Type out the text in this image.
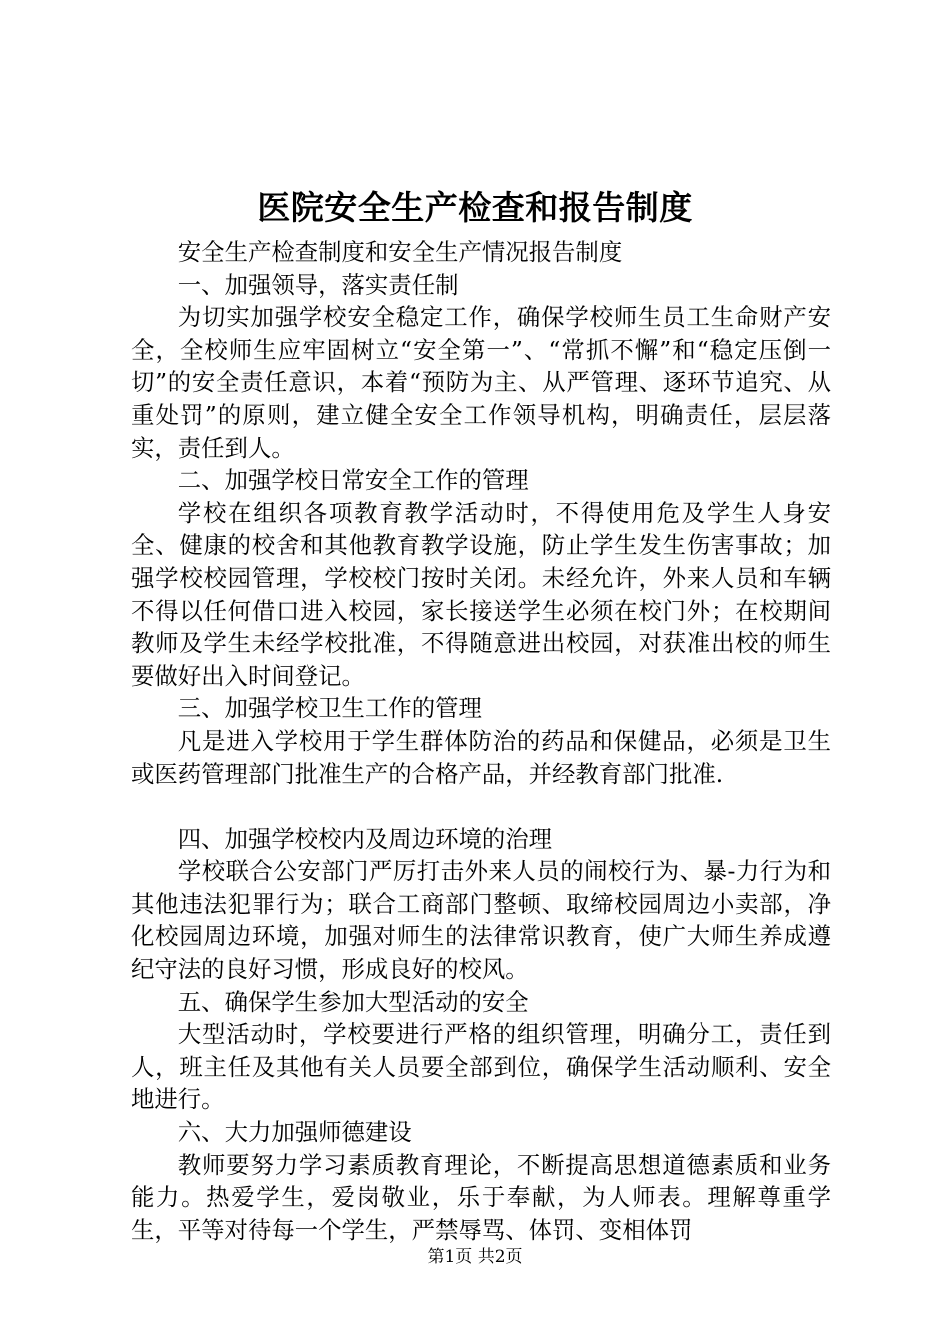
医院安全生产检查和报告制度

安全生产检查制度和安全生产情况报告制度

一、加强领导，落实责任制

为切实加强学校安全稳定工作，确保学校师生员工生命财产安全，全校师生应牢固树立“安全第一”、“常抓不懈”和“稳定压倒一切”的安全责任意识，本着“预防为主、从严管理、逐环节追究、从重处罚”的原则，建立健全安全工作领导机构，明确责任，层层落实，责任到人。

二、加强学校日常安全工作的管理

学校在组织各项教育教学活动时，不得使用危及学生人身安全、健康的校舍和其他教育教学设施，防止学生发生伤害事故；加强学校校园管理，学校校门按时关闭。未经允许，外来人员和车辆不得以任何借口进入校园，家长接送学生必须在校门外；在校期间教师及学生未经学校批准，不得随意进出校园，对获准出校的师生要做好出入时间登记。

三、加强学校卫生工作的管理

凡是进入学校用于学生群体防治的药品和保健品，必须是卫生或医药管理部门批准生产的合格产品，并经教育部门批准.

四、加强学校校内及周边环境的治理

学校联合公安部门严厉打击外来人员的闹校行为、暴-力行为和其他违法犯罪行为；联合工商部门整顿、取缔校园周边小卖部，净化校园周边环境，加强对师生的法律常识教育，使广大师生养成遵纪守法的良好习惯，形成良好的校风。

五、确保学生参加大型活动的安全

大型活动时，学校要进行严格的组织管理，明确分工，责任到人，班主任及其他有关人员要全部到位，确保学生活动顺利、安全地进行。

六、大力加强师德建设

教师要努力学习素质教育理论，不断提高思想道德素质和业务能力。热爱学生，爱岗敬业，乐于奉献，为人师表。理解尊重学生，平等对待每一个学生，严禁辱骂、体罚、变相体罚

第1页 共2页
